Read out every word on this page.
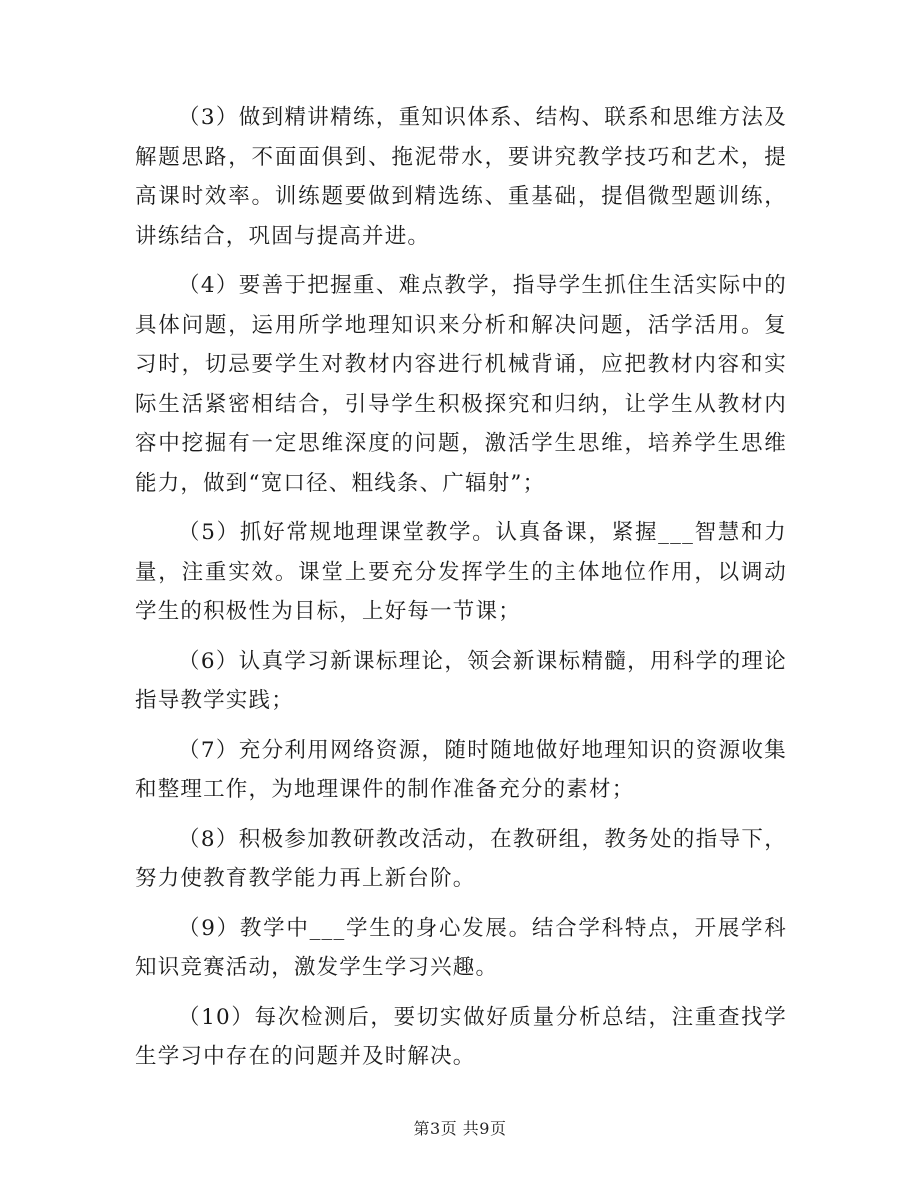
（3）做到精讲精练，重知识体系、结构、联系和思维方法及解题思路，不面面俱到、拖泥带水，要讲究教学技巧和艺术，提高课时效率。训练题要做到精选练、重基础，提倡微型题训练，讲练结合，巩固与提高并进。

（4）要善于把握重、难点教学，指导学生抓住生活实际中的具体问题，运用所学地理知识来分析和解决问题，活学活用。复习时，切忌要学生对教材内容进行机械背诵，应把教材内容和实际生活紧密相结合，引导学生积极探究和归纳，让学生从教材内容中挖掘有一定思维深度的问题，激活学生思维，培养学生思维能力，做到“宽口径、粗线条、广辐射”；

（5）抓好常规地理课堂教学。认真备课，紧握___智慧和力量，注重实效。课堂上要充分发挥学生的主体地位作用，以调动学生的积极性为目标，上好每一节课；

（6）认真学习新课标理论，领会新课标精髓，用科学的理论指导教学实践；

（7）充分利用网络资源，随时随地做好地理知识的资源收集和整理工作，为地理课件的制作准备充分的素材；

（8）积极参加教研教改活动，在教研组，教务处的指导下，努力使教育教学能力再上新台阶。

（9）教学中___学生的身心发展。结合学科特点，开展学科知识竞赛活动，激发学生学习兴趣。

（10）每次检测后，要切实做好质量分析总结，注重查找学生学习中存在的问题并及时解决。

第3页 共9页
